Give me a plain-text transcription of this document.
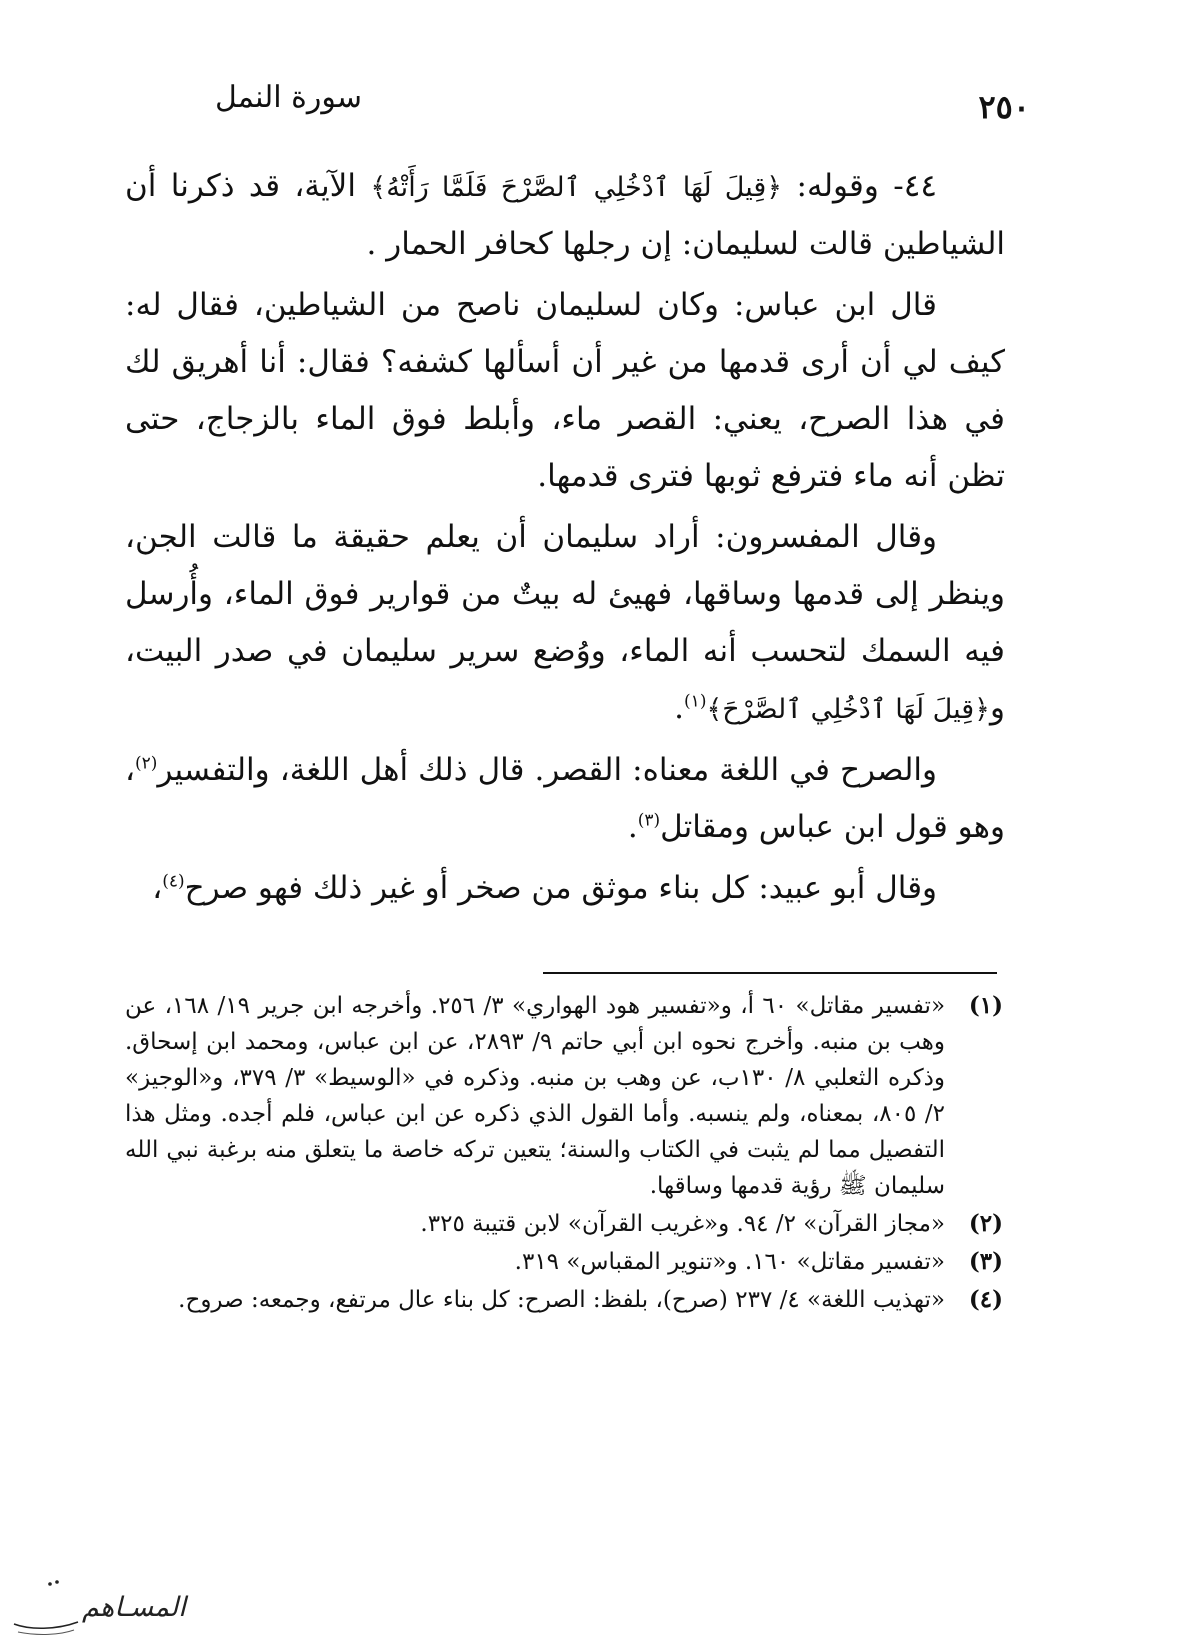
٢٥٠
سورة النمل

٤٤- وقوله: ﴿قِيلَ لَهَا ٱدْخُلِي ٱلصَّرْحَ فَلَمَّا رَأَتْهُ﴾ الآية، قد ذكرنا أن الشياطين قالت لسليمان: إن رجلها كحافر الحمار .

قال ابن عباس: وكان لسليمان ناصح من الشياطين، فقال له: كيف لي أن أرى قدمها من غير أن أسألها كشفه؟ فقال: أنا أهريق لك في هذا الصرح، يعني: القصر ماء، وأبلط فوق الماء بالزجاج، حتى تظن أنه ماء فترفع ثوبها فترى قدمها.

وقال المفسرون: أراد سليمان أن يعلم حقيقة ما قالت الجن، وينظر إلى قدمها وساقها، فهيئ له بيتٌ من قوارير فوق الماء، وأُرسل فيه السمك لتحسب أنه الماء، ووُضع سرير سليمان في صدر البيت، و﴿قِيلَ لَهَا ٱدْخُلِي ٱلصَّرْحَ﴾$^{(١)}$.

والصرح في اللغة معناه: القصر. قال ذلك أهل اللغة، والتفسير$^{(٢)}$، وهو قول ابن عباس ومقاتل$^{(٣)}$.

وقال أبو عبيد: كل بناء موثق من صخر أو غير ذلك فهو صرح$^{(٤)}$،

(١)
«تفسير مقاتل» ٦٠ أ، و«تفسير هود الهواري» ٣/ ٢٥٦. وأخرجه ابن جرير ١٩/ ١٦٨، عن وهب بن منبه. وأخرج نحوه ابن أبي حاتم ٩/ ٢٨٩٣، عن ابن عباس، ومحمد ابن إسحاق. وذكره الثعلبي ٨/ ١٣٠ب، عن وهب بن منبه. وذكره في «الوسيط» ٣/ ٣٧٩، و«الوجيز» ٢/ ٨٠٥، بمعناه، ولم ينسبه. وأما القول الذي ذكره عن ابن عباس، فلم أجده. ومثل هذا التفصيل مما لم يثبت في الكتاب والسنة؛ يتعين تركه خاصة ما يتعلق منه برغبة نبي الله سليمان ﷺ رؤية قدمها وساقها.
(٢)
«مجاز القرآن» ٢/ ٩٤. و«غريب القرآن» لابن قتيبة ٣٢٥.
(٣)
«تفسير مقاتل» ١٦٠. و«تنوير المقباس» ٣١٩.
(٤)
«تهذيب اللغة» ٤/ ٢٣٧ (صرح)، بلفظ: الصرح: كل بناء عال مرتفع، وجمعه: صروح.
المسـاهم
